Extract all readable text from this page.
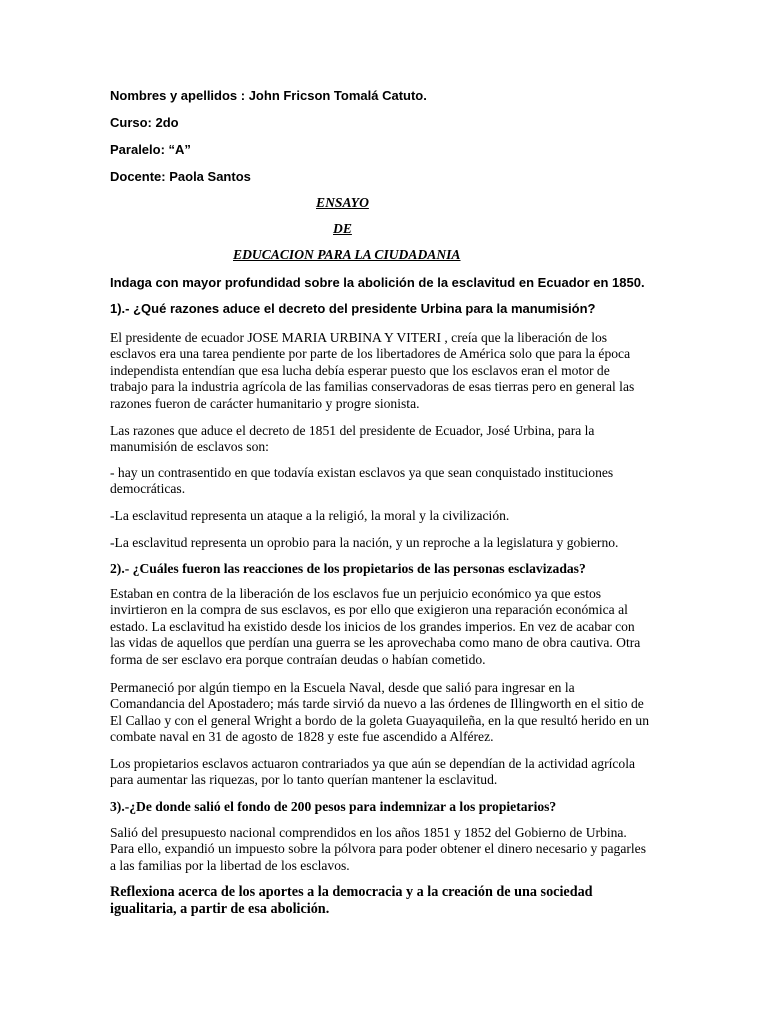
Nombres y apellidos : John Fricson Tomalá Catuto.

Curso: 2do

Paralelo: “A”

Docente: Paola Santos

ENSAYO

DE

EDUCACION PARA LA CIUDADANIA

Indaga con mayor profundidad sobre la abolición de la esclavitud en Ecuador en 1850.

1).- ¿Qué razones aduce el decreto del presidente Urbina para la manumisión?

El presidente de ecuador JOSE MARIA URBINA Y VITERI , creía que la liberación de los esclavos era una tarea pendiente por parte de los libertadores de América solo que para la época independista entendían que esa lucha debía esperar puesto que los esclavos eran el motor de trabajo para la industria agrícola de las familias conservadoras de esas tierras pero en general las razones fueron de carácter humanitario y progre sionista.

Las razones que aduce el decreto de 1851 del presidente de Ecuador, José Urbina, para la manumisión de esclavos son:

- hay un contrasentido en que todavía existan esclavos ya que sean conquistado instituciones democráticas.

-La esclavitud representa un ataque a la religió, la moral y la civilización.

-La esclavitud representa un oprobio para la nación, y un reproche a la legislatura y gobierno.

2).- ¿Cuáles fueron las reacciones de los propietarios de las personas esclavizadas?

Estaban en contra de la liberación de los esclavos fue un perjuicio económico ya que estos invirtieron en la compra de sus esclavos, es por ello que exigieron una reparación económica al estado. La esclavitud ha existido desde los inicios de los grandes imperios. En vez de acabar con las vidas de aquellos que perdían una guerra se les aprovechaba como mano de obra cautiva. Otra forma de ser esclavo era porque contraían deudas o habían cometido.

Permaneció por algún tiempo en la Escuela Naval, desde que salió para ingresar en la Comandancia del Apostadero; más tarde sirvió da nuevo a las órdenes de Illingworth en el sitio de El Callao y con el general Wright a bordo de la goleta Guayaquileña, en la que resultó herido en un combate naval en 31 de agosto de 1828 y este fue ascendido a Alférez.

Los propietarios esclavos actuaron contrariados ya que aún se dependían de la actividad agrícola para aumentar las riquezas, por lo tanto querían mantener la esclavitud.

3).-¿De donde salió el fondo de 200 pesos para indemnizar a los propietarios?

Salió del presupuesto nacional comprendidos en los años 1851 y 1852 del Gobierno de Urbina. Para ello, expandió un impuesto sobre la pólvora para poder obtener el dinero necesario y pagarles a las familias por la libertad de los esclavos.

Reflexiona acerca de los aportes a la democracia y a la creación de una sociedad igualitaria, a partir de esa abolición.
